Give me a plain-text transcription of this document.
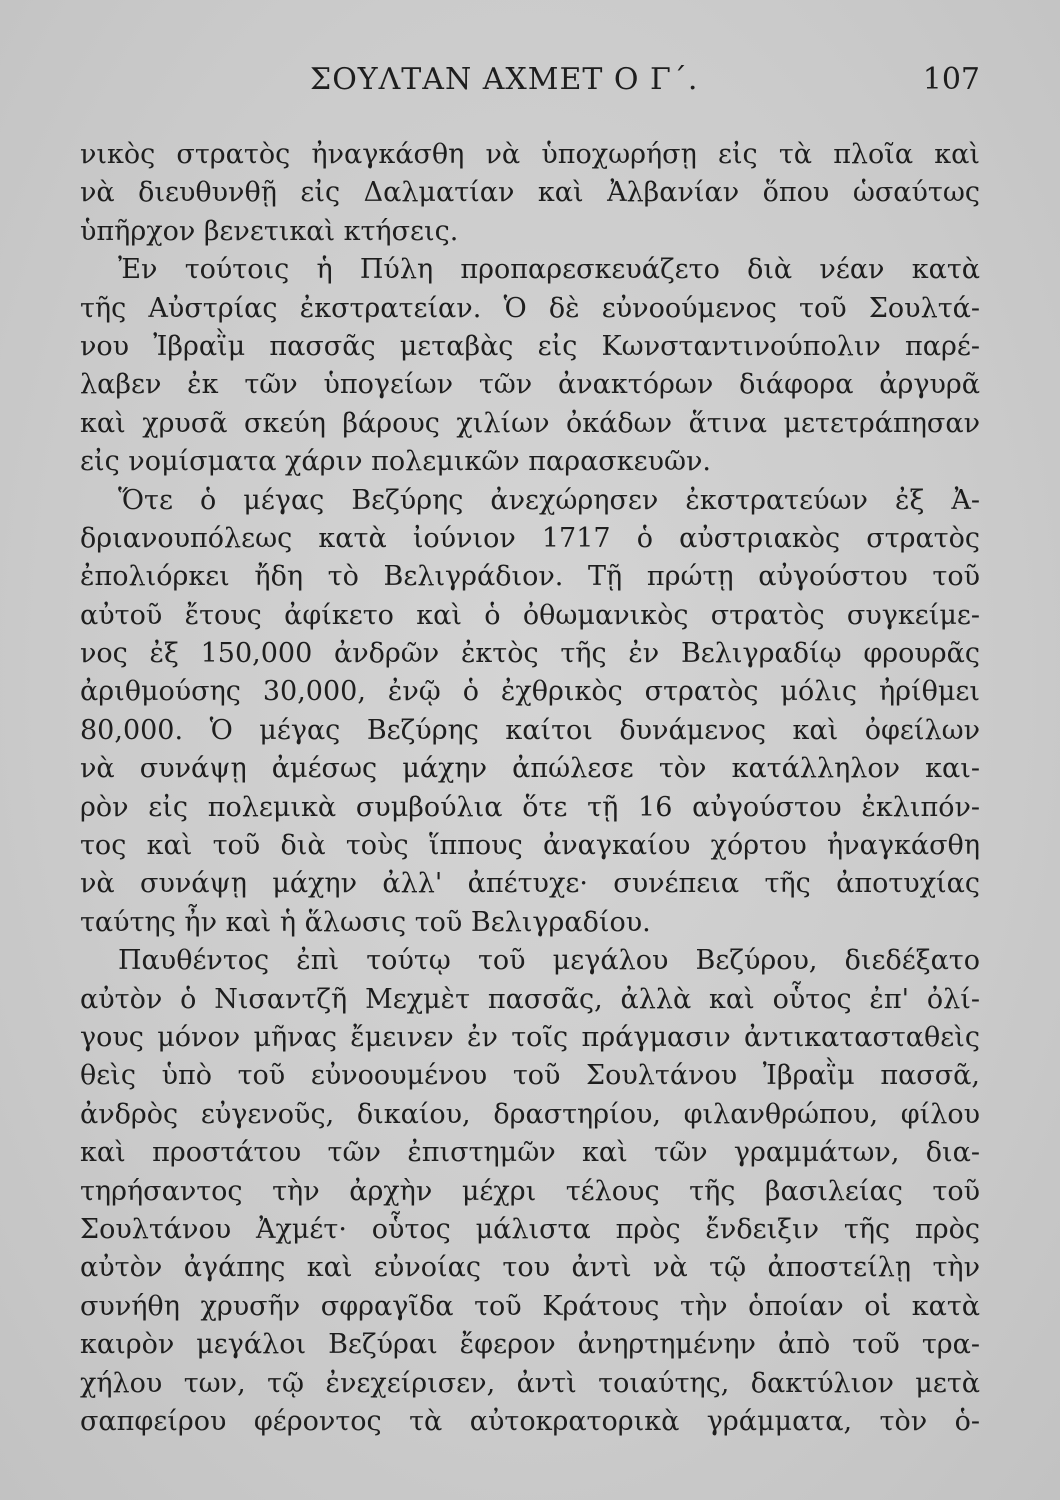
ΣΟΥΛΤΑΝ ΑΧΜΕΤ Ο Γ΄.	107
νικὸς στρατὸς ἠναγκάσθη νὰ ὑποχωρήσῃ εἰς τὰ πλοῖα καὶ
νὰ διευθυνθῇ εἰς Δαλματίαν καὶ Ἀλβανίαν ὅπου ὡσαύτως
ὑπῆρχον βενετικαὶ κτήσεις.
Ἐν τούτοις ἡ Πύλη προπαρεσκευάζετο διὰ νέαν κατὰ
τῆς Αὐστρίας ἐκστρατείαν. Ὁ δὲ εὐνοούμενος τοῦ Σουλτά-
νου Ἰβραῒμ πασσᾶς μεταβὰς εἰς Κωνσταντινούπολιν παρέ-
λαβεν ἐκ τῶν ὑπογείων τῶν ἀνακτόρων διάφορα ἀργυρᾶ
καὶ χρυσᾶ σκεύη βάρους χιλίων ὀκάδων ἅτινα μετετράπησαν
εἰς νομίσματα χάριν πολεμικῶν παρασκευῶν.
Ὅτε ὁ μέγας Βεζύρης ἀνεχώρησεν ἐκστρατεύων ἐξ Ἀ-
δριανουπόλεως κατὰ ἰούνιον 1717 ὁ αὐστριακὸς στρατὸς
ἐπολιόρκει ἤδη τὸ Βελιγράδιον. Τῇ πρώτῃ αὐγούστου τοῦ
αὐτοῦ ἔτους ἀφίκετο καὶ ὁ ὀθωμανικὸς στρατὸς συγκείμε-
νος ἐξ 150,000 ἀνδρῶν ἐκτὸς τῆς ἐν Βελιγραδίῳ φρουρᾶς
ἀριθμούσης 30,000, ἐνῷ ὁ ἐχθρικὸς στρατὸς μόλις ἠρίθμει
80,000. Ὁ μέγας Βεζύρης καίτοι δυνάμενος καὶ ὀφείλων
νὰ συνάψῃ ἀμέσως μάχην ἀπώλεσε τὸν κατάλληλον και-
ρὸν εἰς πολεμικὰ συμβούλια ὅτε τῇ 16 αὐγούστου ἐκλιπόν-
τος καὶ τοῦ διὰ τοὺς ἵππους ἀναγκαίου χόρτου ἠναγκάσθη
νὰ συνάψῃ μάχην ἀλλ' ἀπέτυχε· συνέπεια τῆς ἀποτυχίας
ταύτης ἦν καὶ ἡ ἅλωσις τοῦ Βελιγραδίου.
Παυθέντος ἐπὶ τούτῳ τοῦ μεγάλου Βεζύρου, διεδέξατο
αὐτὸν ὁ Νισαντζῆ Μεχμὲτ πασσᾶς, ἀλλὰ καὶ οὗτος ἐπ' ὀλί-
γους μόνον μῆνας ἔμεινεν ἐν τοῖς πράγμασιν ἀντικατασταθεὶς
θεὶς ὑπὸ τοῦ εὐνοουμένου τοῦ Σουλτάνου Ἰβραῒμ πασσᾶ,
ἀνδρὸς εὐγενοῦς, δικαίου, δραστηρίου, φιλανθρώπου, φίλου
καὶ προστάτου τῶν ἐπιστημῶν καὶ τῶν γραμμάτων, δια-
τηρήσαντος τὴν ἀρχὴν μέχρι τέλους τῆς βασιλείας τοῦ
Σουλτάνου Ἀχμέτ· οὗτος μάλιστα πρὸς ἔνδειξιν τῆς πρὸς
αὐτὸν ἀγάπης καὶ εὐνοίας του ἀντὶ νὰ τῷ ἀποστείλῃ τὴν
συνήθη χρυσῆν σφραγῖδα τοῦ Κράτους τὴν ὁποίαν οἱ κατὰ
καιρὸν μεγάλοι Βεζύραι ἔφερον ἀνηρτημένην ἀπὸ τοῦ τρα-
χήλου των, τῷ ἐνεχείρισεν, ἀντὶ τοιαύτης, δακτύλιον μετὰ
σαπφείρου φέροντος τὰ αὐτοκρατορικὰ γράμματα, τὸν ὁ-
